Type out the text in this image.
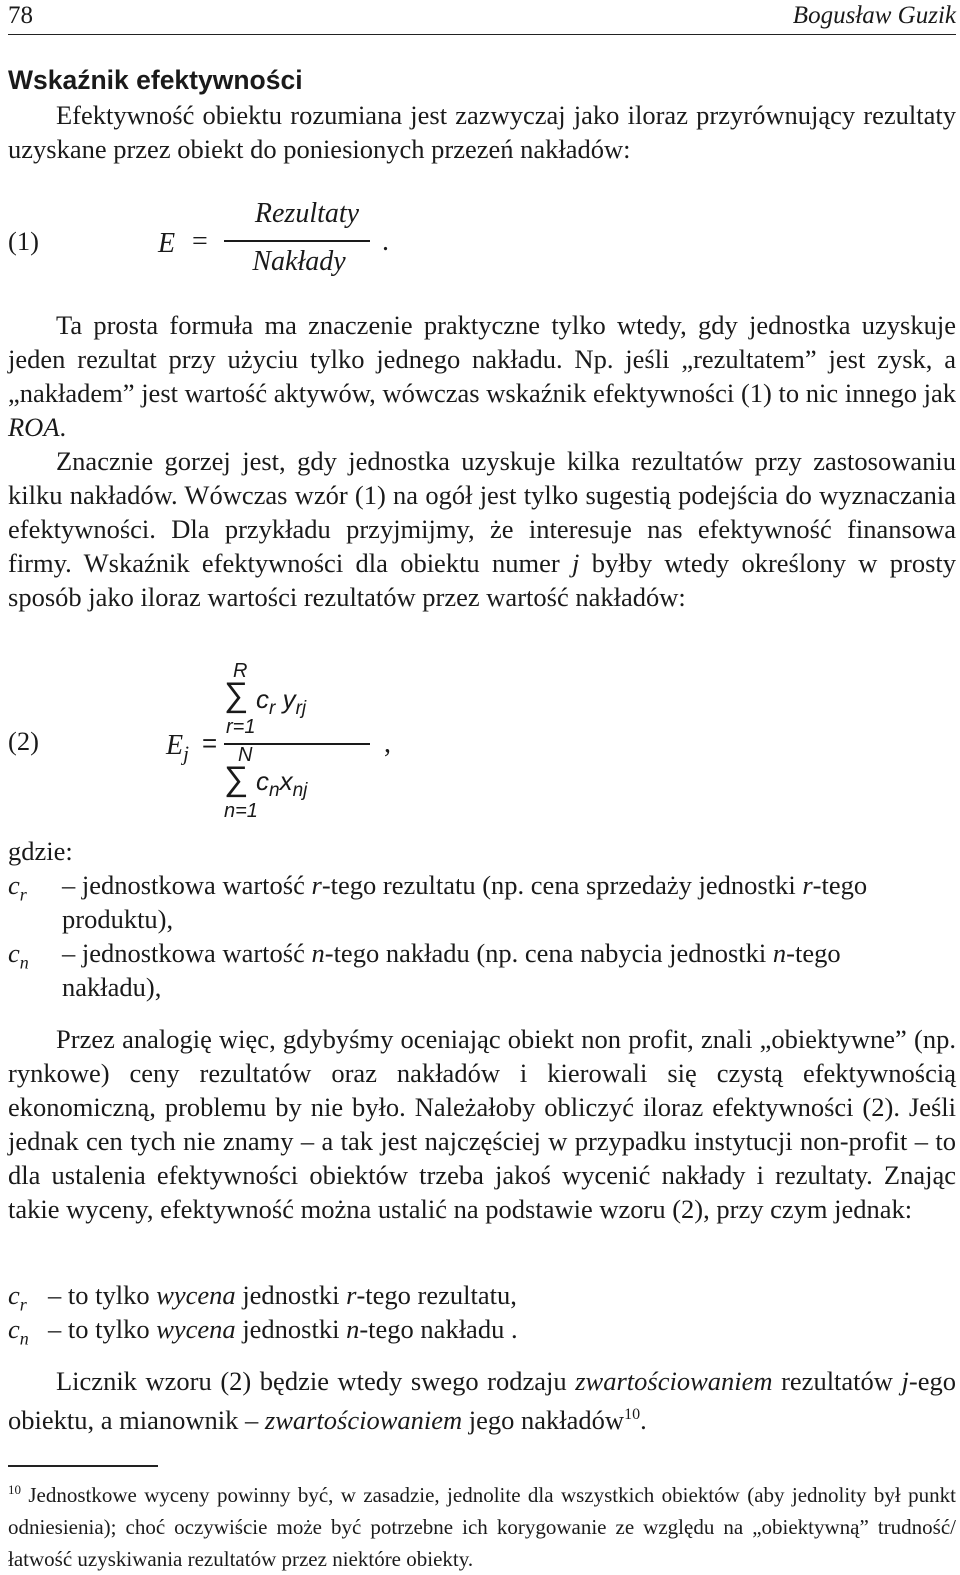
78	Bogusław Guzik
Wskaźnik efektywności
Efektywność obiektu rozumiana jest zazwyczaj jako iloraz przyrównujący rezultaty uzyskane przez obiekt do poniesionych przezeń nakładów:
(1)	E =
Rezultaty
Nakłady
.
Ta prosta formuła ma znaczenie praktyczne tylko wtedy, gdy jednostka uzyskuje jeden rezultat przy użyciu tylko jednego nakładu. Np. jeśli „rezultatem” jest zysk, a „nakładem” jest wartość aktywów, wówczas wskaźnik efektywności (1) to nic innego jak ROA.
Znacznie gorzej jest, gdy jednostka uzyskuje kilka rezultatów przy zastosowaniu kilku nakładów. Wówczas wzór (1) na ogół jest tylko sugestią podejścia do wyznaczania efektywności. Dla przykładu przyjmijmy, że interesuje nas efektywność finansowa firmy. Wskaźnik efektywności dla obiektu numer j byłby wtedy określony w prosty sposób jako iloraz wartości rezultatów przez wartość nakładów:
(2)	$E_j$ =
R
∑ $c_r$ $y_{rj}$
r=1
N
∑ $c_nx_{nj}$
n=1
,
gdzie:
$c_r$ – jednostkowa wartość r-tego rezultatu (np. cena sprzedaży jednostki r-tego
produktu),
$c_n$ – jednostkowa wartość n-tego nakładu (np. cena nabycia jednostki n-tego
nakładu),
Przez analogię więc, gdybyśmy oceniając obiekt non profit, znali „obiektywne” (np. rynkowe) ceny rezultatów oraz nakładów i kierowali się czystą efektywnością ekonomiczną, problemu by nie było. Należałoby obliczyć iloraz efektywności (2). Jeśli jednak cen tych nie znamy – a tak jest najczęściej w przypadku instytucji non-profit – to dla ustalenia efektywności obiektów trzeba jakoś wycenić nakłady i rezultaty. Znając takie wyceny, efektywność można ustalić na podstawie wzoru (2), przy czym jednak:
$c_r$ – to tylko wycena jednostki r-tego rezultatu,
$c_n$ – to tylko wycena jednostki n-tego nakładu .
Licznik wzoru (2) będzie wtedy swego rodzaju zwartościowaniem rezultatów j-ego obiektu, a mianownik – zwartościowaniem jego nakładów$^{10}$.
$^{10}$ Jednostkowe wyceny powinny być, w zasadzie, jednolite dla wszystkich obiektów (aby jednolity był punkt odniesienia); choć oczywiście może być potrzebne ich korygowanie ze względu na „obiektywną” trudność/łatwość uzyskiwania rezultatów przez niektóre obiekty.
